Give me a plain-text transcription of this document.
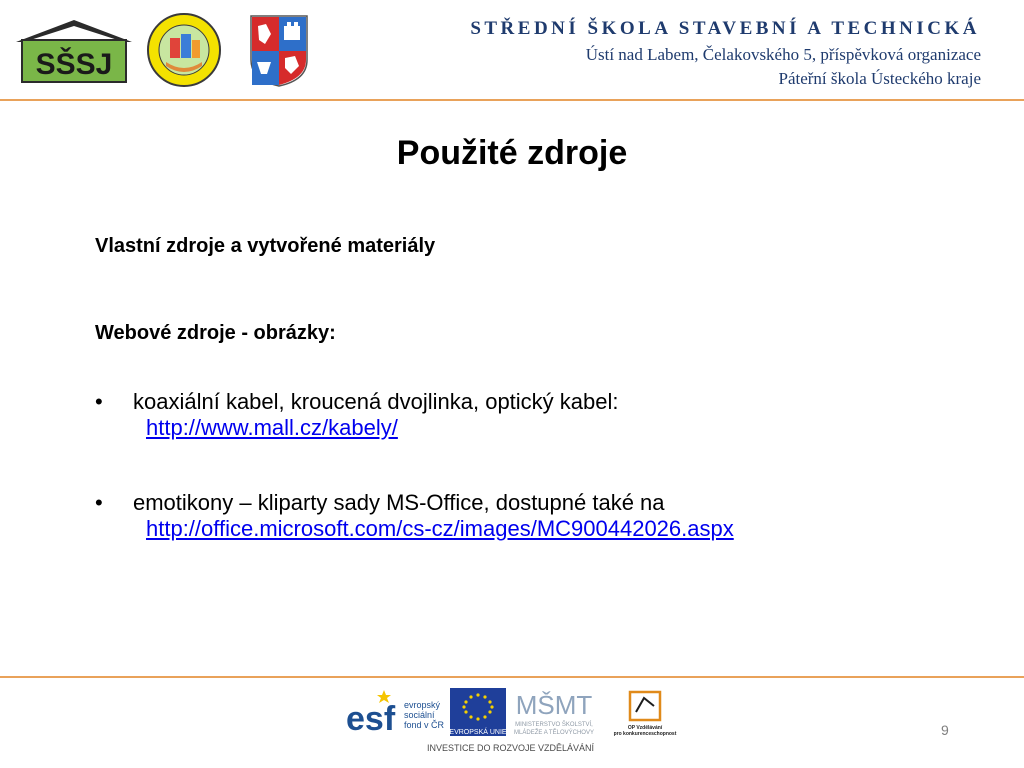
SŠSJ
STŘEDNÍ ŠKOLA STAVEBNÍ A TECHNICKÁ
Ústí nad Labem, Čelakovského 5, příspěvková organizace
Páteřní škola Ústeckého kraje
Použité zdroje
Vlastní zdroje a vytvořené materiály
Webové zdroje - obrázky:
•	koaxiální kabel, kroucená dvojlinka, optický kabel:
http://www.mall.cz/kabely/
•	emotikony – kliparty sady MS-Office, dostupné také na
http://office.microsoft.com/cs-cz/images/MC900442026.aspx
esf evropský
sociální
fond v ČR
EVROPSKÁ UNIE
MŠMT
MINISTERSTVO ŠKOLSTVÍ,
MLÁDEŽE A TĚLOVÝCHOVY
OP Vzdělávání
pro konkurenceschopnost
INVESTICE DO ROZVOJE VZDĚLÁVÁNÍ
9
